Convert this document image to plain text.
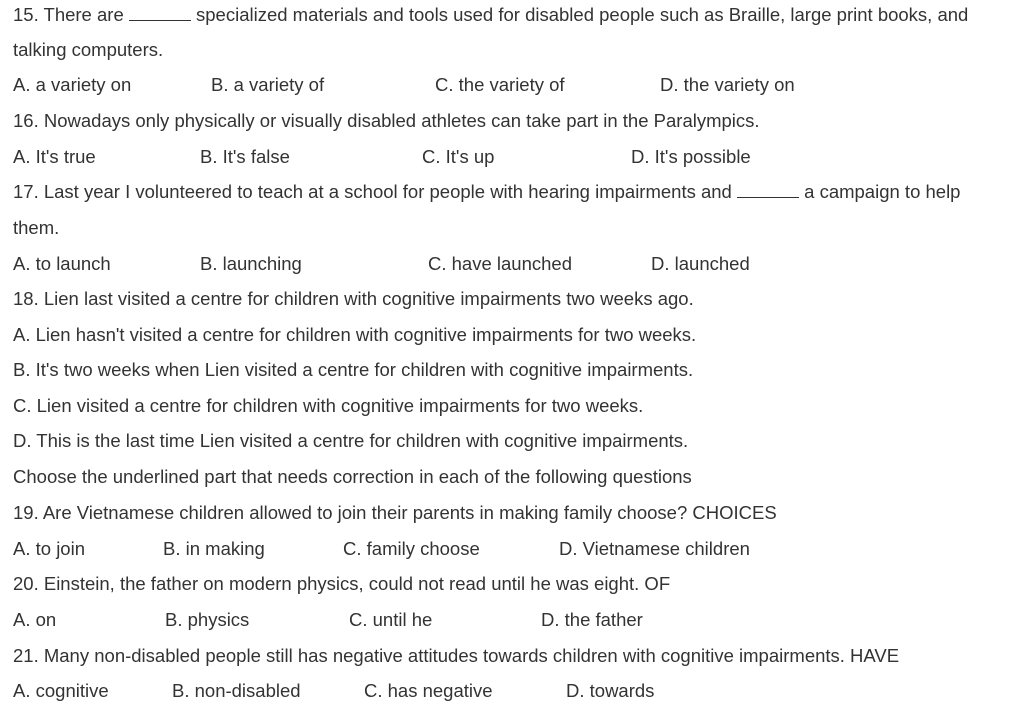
15. There are	specialized materials and tools used for disabled people such as Braille, large print books, and
talking computers.
A. a variety on	B. a variety of	C. the variety of	D. the variety on
16. Nowadays only physically or visually disabled athletes can take part in the Paralympics.
A. It's true	B. It's false	C. It's up	D. It's possible
17. Last year I volunteered to teach at a school for people with hearing impairments and	a campaign to help
them.
A. to launch	B. launching	C. have launched	D. launched
18. Lien last visited a centre for children with cognitive impairments two weeks ago.
A. Lien hasn't visited a centre for children with cognitive impairments for two weeks.
B. It's two weeks when Lien visited a centre for children with cognitive impairments.
C. Lien visited a centre for children with cognitive impairments for two weeks.
D. This is the last time Lien visited a centre for children with cognitive impairments.
Choose the underlined part that needs correction in each of the following questions
19. Are Vietnamese children allowed to join their parents in making family choose? CHOICES
A. to join	B. in making	C. family choose	D. Vietnamese children
20. Einstein, the father on modern physics, could not read until he was eight. OF
A. on	B. physics	C. until he	D. the father
21. Many non-disabled people still has negative attitudes towards children with cognitive impairments. HAVE
A. cognitive	B. non-disabled	C. has negative	D. towards
